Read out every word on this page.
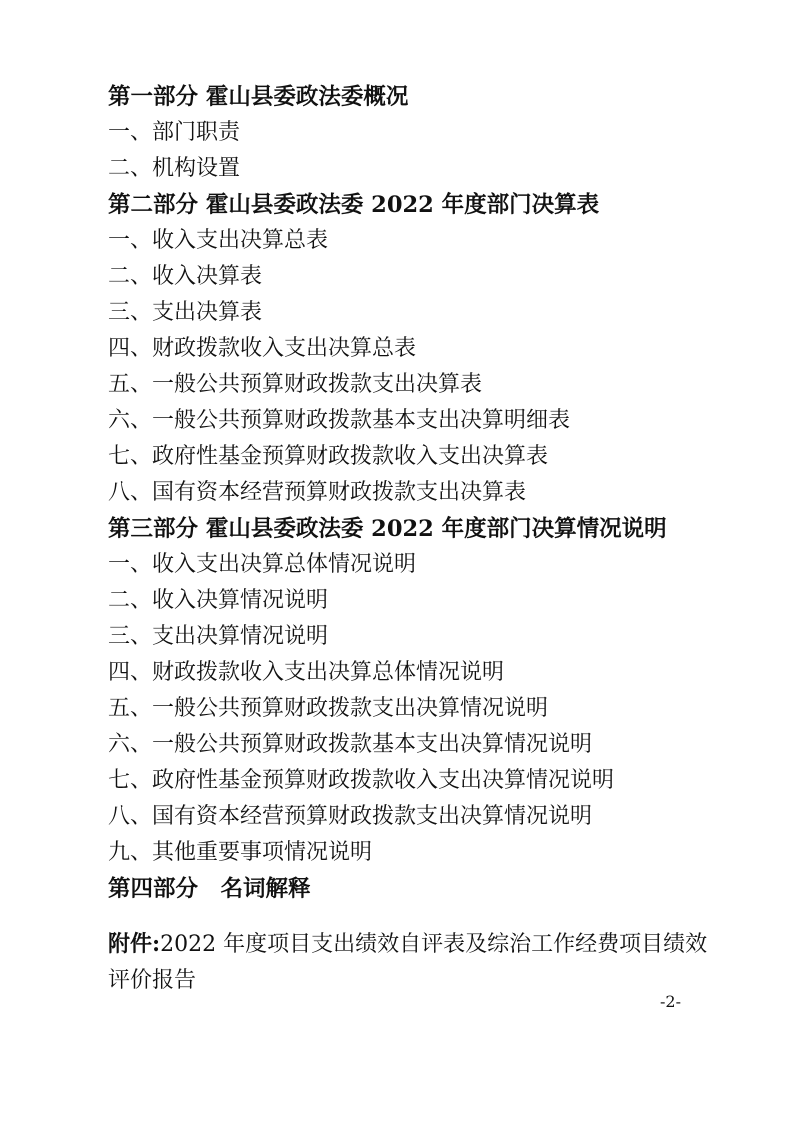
第一部分 霍山县委政法委概况
一、部门职责
二、机构设置
第二部分 霍山县委政法委 2022 年度部门决算表
一、收入支出决算总表
二、收入决算表
三、支出决算表
四、财政拨款收入支出决算总表
五、一般公共预算财政拨款支出决算表
六、一般公共预算财政拨款基本支出决算明细表
七、政府性基金预算财政拨款收入支出决算表
八、国有资本经营预算财政拨款支出决算表
第三部分 霍山县委政法委 2022 年度部门决算情况说明
一、收入支出决算总体情况说明
二、收入决算情况说明
三、支出决算情况说明
四、财政拨款收入支出决算总体情况说明
五、一般公共预算财政拨款支出决算情况说明
六、一般公共预算财政拨款基本支出决算情况说明
七、政府性基金预算财政拨款收入支出决算情况说明
八、国有资本经营预算财政拨款支出决算情况说明
九、其他重要事项情况说明
第四部分　名词解释
附件:2022 年度项目支出绩效自评表及综治工作经费项目绩效评价报告
-2-
